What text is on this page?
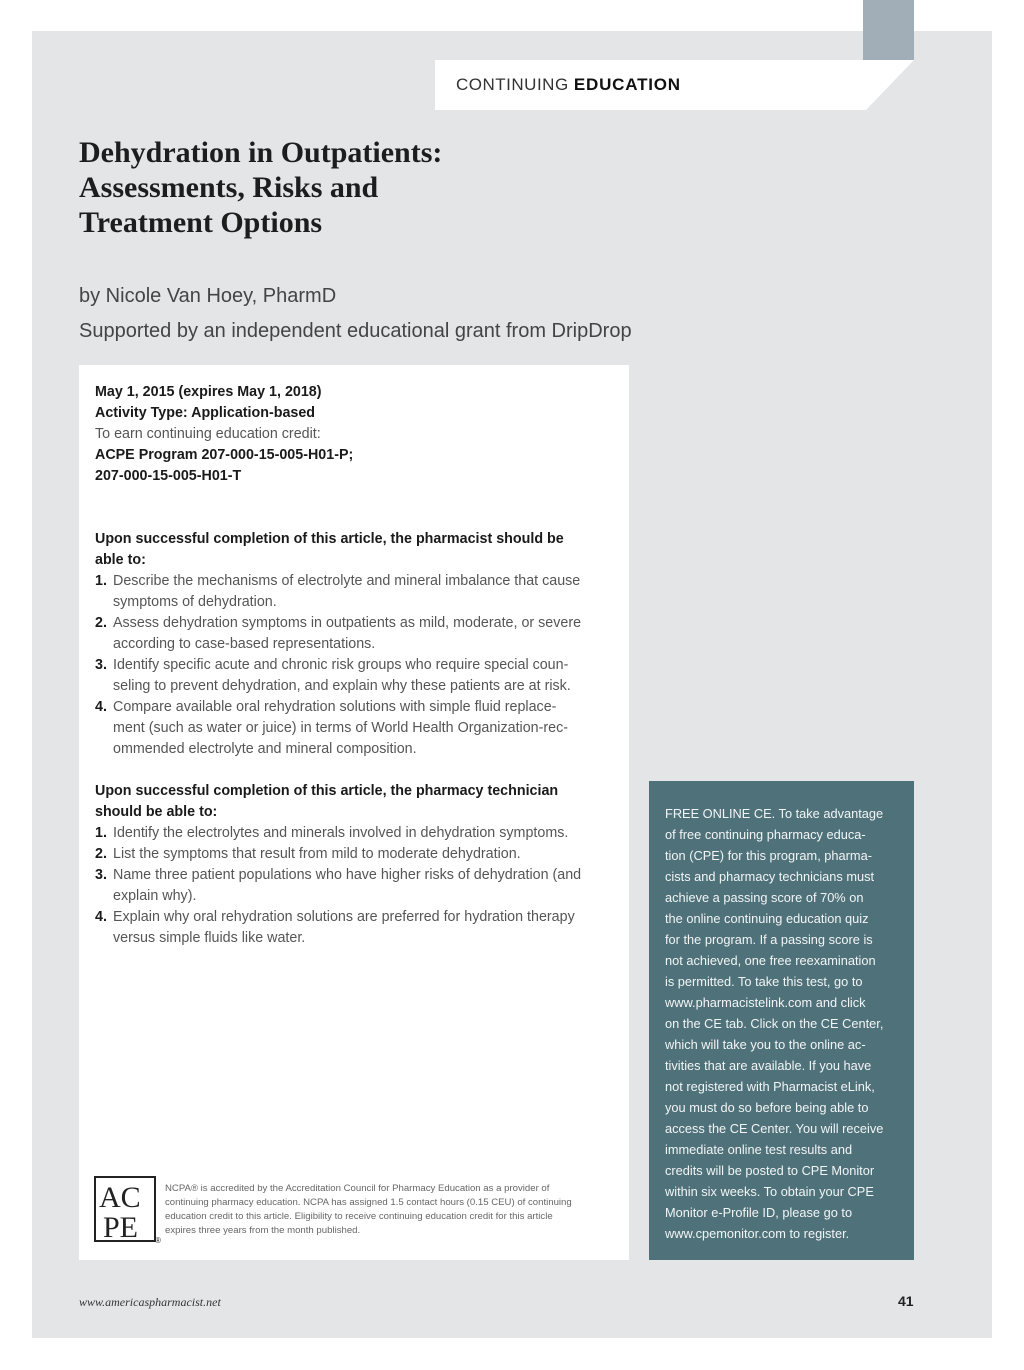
CONTINUING EDUCATION
Dehydration in Outpatients:
Assessments, Risks and
Treatment Options
by Nicole Van Hoey, PharmD
Supported by an independent educational grant from DripDrop
May 1, 2015 (expires May 1, 2018)
Activity Type: Application-based
To earn continuing education credit:
ACPE Program 207-000-15-005-H01-P;
207-000-15-005-H01-T
Upon successful completion of this article, the pharmacist should be
able to:
1. Describe the mechanisms of electrolyte and mineral imbalance that cause
symptoms of dehydration.
2. Assess dehydration symptoms in outpatients as mild, moderate, or severe
according to case-based representations.
3. Identify specific acute and chronic risk groups who require special coun-
seling to prevent dehydration, and explain why these patients are at risk.
4. Compare available oral rehydration solutions with simple fluid replace-
ment (such as water or juice) in terms of World Health Organization-rec-
ommended electrolyte and mineral composition.
Upon successful completion of this article, the pharmacy technician
should be able to:
1. Identify the electrolytes and minerals involved in dehydration symptoms.
2. List the symptoms that result from mild to moderate dehydration.
3. Name three patient populations who have higher risks of dehydration (and
explain why).
4. Explain why oral rehydration solutions are preferred for hydration therapy
versus simple fluids like water.
AC
PE ®
NCPA® is accredited by the Accreditation Council for Pharmacy Education as a provider of
continuing pharmacy education. NCPA has assigned 1.5 contact hours (0.15 CEU) of continuing
education credit to this article. Eligibility to receive continuing education credit for this article
expires three years from the month published.
FREE ONLINE CE. To take advantage
of free continuing pharmacy educa-
tion (CPE) for this program, pharma-
cists and pharmacy technicians must
achieve a passing score of 70% on
the online continuing education quiz
for the program. If a passing score is
not achieved, one free reexamination
is permitted. To take this test, go to
www.pharmacistelink.com and click
on the CE tab. Click on the CE Center,
which will take you to the online ac-
tivities that are available. If you have
not registered with Pharmacist eLink,
you must do so before being able to
access the CE Center. You will receive
immediate online test results and
credits will be posted to CPE Monitor
within six weeks. To obtain your CPE
Monitor e-Profile ID, please go to
www.cpemonitor.com to register.
www.americaspharmacist.net	41
